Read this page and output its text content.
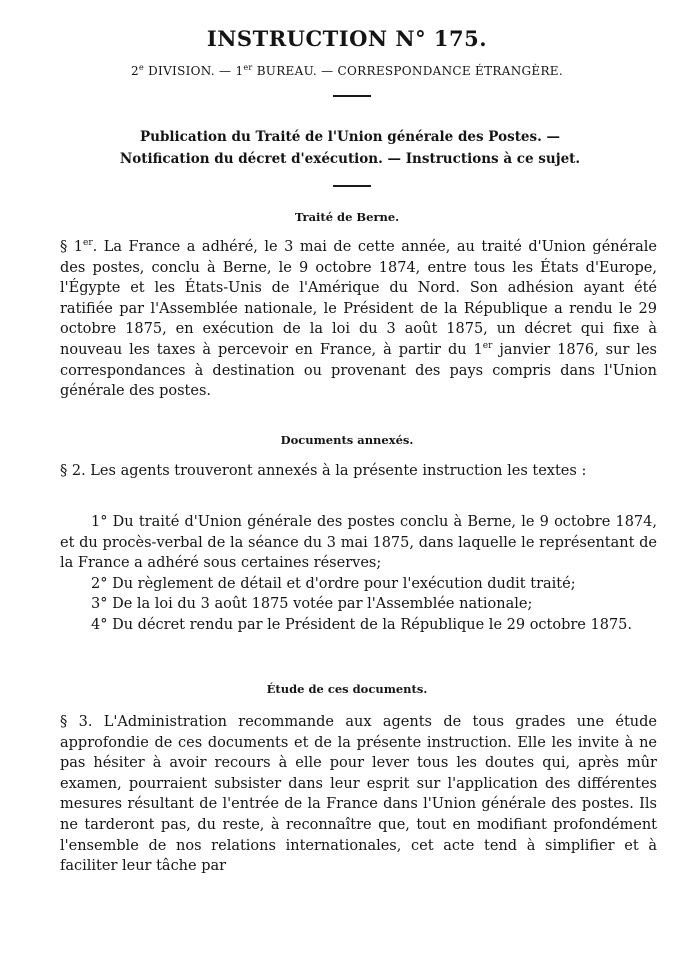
INSTRUCTION N° 175.
2e DIVISION. — 1er BUREAU. — CORRESPONDANCE ÉTRANGÈRE.
Publication du Traité de l'Union générale des Postes. —
Notification du décret d'exécution. — Instructions à ce sujet.
Traité de Berne.
§ 1er. La France a adhéré, le 3 mai de cette année, au traité d'Union générale des postes, conclu à Berne, le 9 octobre 1874, entre tous les États d'Europe, l'Égypte et les États-Unis de l'Amérique du Nord. Son adhésion ayant été ratifiée par l'Assemblée nationale, le Président de la République a rendu le 29 octobre 1875, en exécution de la loi du 3 août 1875, un décret qui fixe à nouveau les taxes à percevoir en France, à partir du 1er janvier 1876, sur les correspondances à destination ou provenant des pays compris dans l'Union générale des postes.
Documents annexés.
§ 2. Les agents trouveront annexés à la présente instruction les textes :
1° Du traité d'Union générale des postes conclu à Berne, le 9 octobre 1874, et du procès-verbal de la séance du 3 mai 1875, dans laquelle le représentant de la France a adhéré sous certaines réserves;
2° Du règlement de détail et d'ordre pour l'exécution dudit traité;
3° De la loi du 3 août 1875 votée par l'Assemblée nationale;
4° Du décret rendu par le Président de la République le 29 octobre 1875.
Étude de ces documents.
§ 3. L'Administration recommande aux agents de tous grades une étude approfondie de ces documents et de la présente instruction. Elle les invite à ne pas hésiter à avoir recours à elle pour lever tous les doutes qui, après mûr examen, pourraient subsister dans leur esprit sur l'application des différentes mesures résultant de l'entrée de la France dans l'Union générale des postes. Ils ne tarderont pas, du reste, à reconnaître que, tout en modifiant profondément l'ensemble de nos relations internationales, cet acte tend à simplifier et à faciliter leur tâche par
